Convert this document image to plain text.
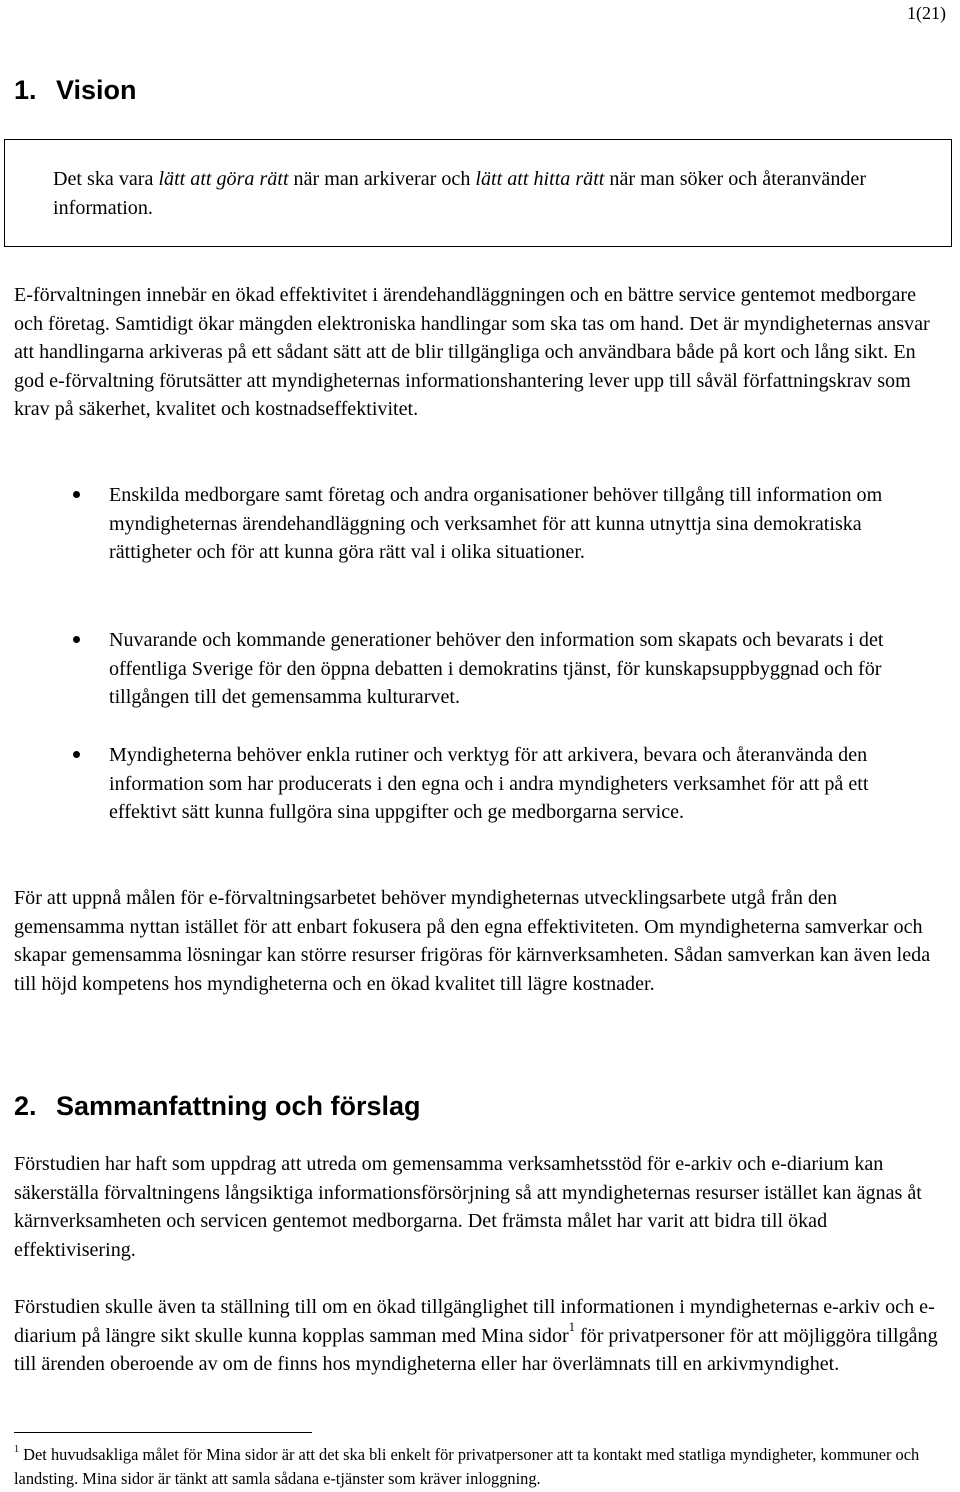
1(21)
1. Vision

Det ska vara lätt att göra rätt när man arkiverar och lätt att hitta rätt när man söker och återanvänder information.

E-förvaltningen innebär en ökad effektivitet i ärendehandläggningen och en bättre service gentemot medborgare och företag. Samtidigt ökar mängden elektroniska handlingar som ska tas om hand. Det är myndigheternas ansvar att handlingarna arkiveras på ett sådant sätt att de blir tillgängliga och användbara både på kort och lång sikt. En god e-förvaltning förutsätter att myndigheternas informationshantering lever upp till såväl författningskrav som krav på säkerhet, kvalitet och kostnadseffektivitet.

Enskilda medborgare samt företag och andra organisationer behöver tillgång till information om myndigheternas ärendehandläggning och verksamhet för att kunna utnyttja sina demokratiska rättigheter och för att kunna göra rätt val i olika situationer.

Nuvarande och kommande generationer behöver den information som skapats och bevarats i det offentliga Sverige för den öppna debatten i demokratins tjänst, för kunskapsuppbyggnad och för tillgången till det gemensamma kulturarvet.

Myndigheterna behöver enkla rutiner och verktyg för att arkivera, bevara och återanvända den information som har producerats i den egna och i andra myndigheters verksamhet för att på ett effektivt sätt kunna fullgöra sina uppgifter och ge medborgarna service.

För att uppnå målen för e-förvaltningsarbetet behöver myndigheternas utvecklingsarbete utgå från den gemensamma nyttan istället för att enbart fokusera på den egna effektiviteten. Om myndigheterna samverkar och skapar gemensamma lösningar kan större resurser frigöras för kärnverksamheten. Sådan samverkan kan även leda till höjd kompetens hos myndigheterna och en ökad kvalitet till lägre kostnader.

2. Sammanfattning och förslag

Förstudien har haft som uppdrag att utreda om gemensamma verksamhetsstöd för e-arkiv och e-diarium kan säkerställa förvaltningens långsiktiga informationsförsörjning så att myndigheternas resurser istället kan ägnas åt kärnverksamheten och servicen gentemot medborgarna. Det främsta målet har varit att bidra till ökad effektivisering.

Förstudien skulle även ta ställning till om en ökad tillgänglighet till informationen i myndigheternas e-arkiv och e-diarium på längre sikt skulle kunna kopplas samman med Mina sidor$^1$ för privatpersoner för att möjliggöra tillgång till ärenden oberoende av om de finns hos myndigheterna eller har överlämnats till en arkivmyndighet.

$^1$ Det huvudsakliga målet för Mina sidor är att det ska bli enkelt för privatpersoner att ta kontakt med statliga myndigheter, kommuner och landsting. Mina sidor är tänkt att samla sådana e-tjänster som kräver inloggning.
